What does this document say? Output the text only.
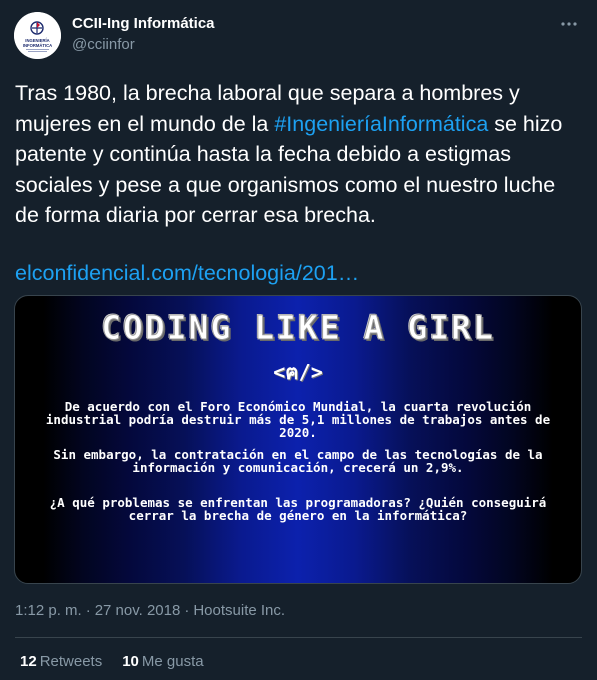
INGENIERÍA
INFORMÁTICA
CCII-Ing Informática
@cciinfor
Tras 1980, la brecha laboral que separa a hombres y mujeres en el mundo de la #IngenieríaInformática se hizo patente y continúa hasta la fecha debido a estigmas sociales y pese a que organismos como el nuestro luche de forma diaria por cerrar esa brecha.
elconfidencial.com/tecnologia/201…
CODING LIKE A GIRL
<ฅ/>
De acuerdo con el Foro Económico Mundial, la cuarta revolución industrial podría destruir más de 5,1 millones de trabajos antes de 2020.
Sin embargo, la contratación en el campo de las tecnologías de la información y comunicación, crecerá un 2,9%.
¿A qué problemas se enfrentan las programadoras? ¿Quién conseguirá cerrar la brecha de género en la informática?
1:12 p. m. · 27 nov. 2018 · Hootsuite Inc.
12 Retweets 10 Me gusta
